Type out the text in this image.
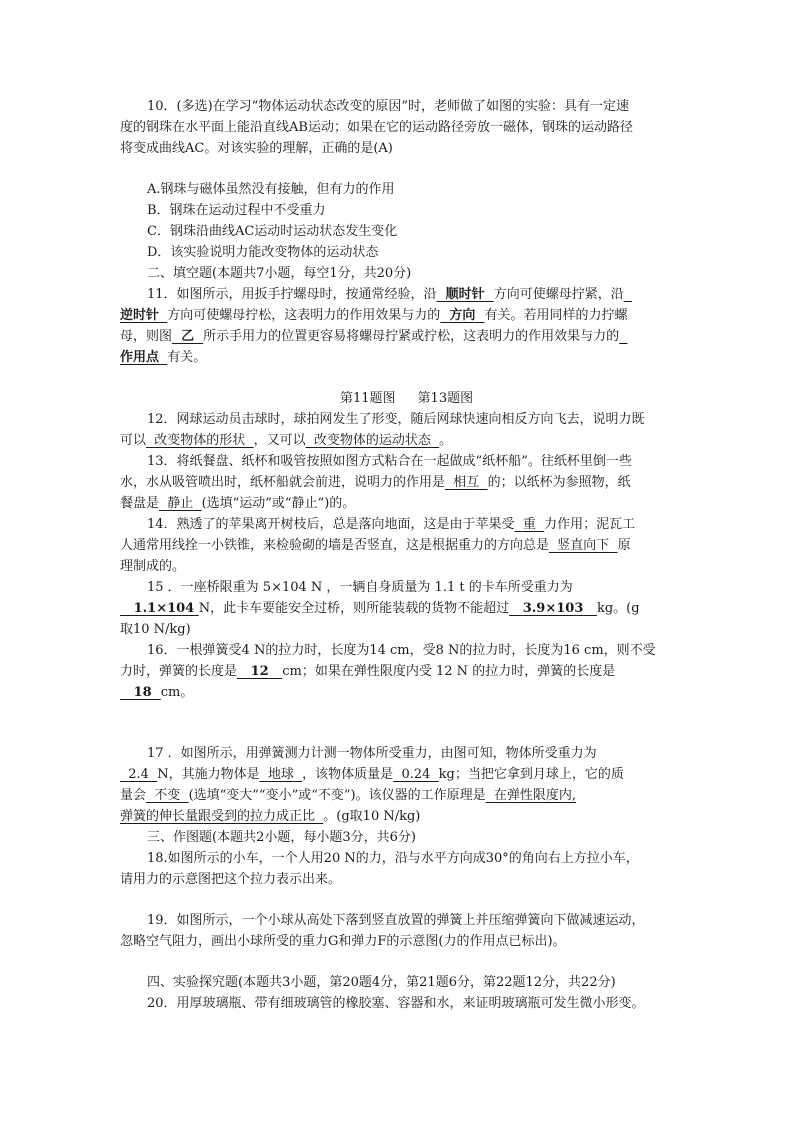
10．(多选)在学习“物体运动状态改变的原因”时，老师做了如图的实验：具有一定速
度的钢珠在水平面上能沿直线AB运动；如果在它的运动路径旁放一磁体，钢珠的运动路径
将变成曲线AC。对该实验的理解，正确的是(A)
A.钢珠与磁体虽然没有接触，但有力的作用
B．钢珠在运动过程中不受重力
C．钢珠沿曲线AC运动时运动状态发生变化
D．该实验说明力能改变物体的运动状态
二、填空题(本题共7小题，每空1分，共20分)
11．如图所示，用扳手拧螺母时，按通常经验，沿 顺时针 方向可使螺母拧紧，沿
逆时针 方向可使螺母拧松，这表明力的作用效果与力的 方向 有关。若用同样的力拧螺
母，则图 乙 所示手用力的位置更容易将螺母拧紧或拧松，这表明力的作用效果与力的
作用点 有关。
第11题图 第13题图
12．网球运动员击球时，球拍网发生了形变，随后网球快速向相反方向飞去，说明力既
可以 改变物体的形状 ，又可以 改变物体的运动状态 。
13．将纸餐盘、纸杯和吸管按照如图方式粘合在一起做成“纸杯船”。往纸杯里倒一些
水，水从吸管喷出时，纸杯船就会前进，说明力的作用是 相互 的；以纸杯为参照物，纸
餐盘是 静止 (选填“运动”或“静止”)的。
14．熟透了的苹果离开树枝后，总是落向地面，这是由于苹果受 重 力作用；泥瓦工
人通常用线拴一小铁锥，来检验砌的墙是否竖直，这是根据重力的方向总是 竖直向下 原
理制成的。
15 ．一座桥限重为 5×104 N ，一辆自身质量为 1.1 t 的卡车所受重力为
1.1×104 N，此卡车要能安全过桥，则所能装载的货物不能超过 3.9×103 kg。(g
取10 N/kg)
16．一根弹簧受4 N的拉力时，长度为14 cm，受8 N的拉力时，长度为16 cm，则不受
力时，弹簧的长度是 12 cm；如果在弹性限度内受 12 N 的拉力时，弹簧的长度是
18 cm。
17 ．如图所示，用弹簧测力计测一物体所受重力，由图可知，物体所受重力为
2.4 N，其施力物体是 地球 ，该物体质量是 0.24 kg；当把它拿到月球上，它的质
量会 不变 (选填“变大”“变小”或“不变”)。该仪器的工作原理是 在弹性限度内,
弹簧的伸长量跟受到的拉力成正比 。(g取10 N/kg)
三、作图题(本题共2小题，每小题3分，共6分)
18.如图所示的小车，一个人用20 N的力，沿与水平方向成30°的角向右上方拉小车，
请用力的示意图把这个拉力表示出来。
19．如图所示，一个小球从高处下落到竖直放置的弹簧上并压缩弹簧向下做减速运动，
忽略空气阻力，画出小球所受的重力G和弹力F的示意图(力的作用点已标出)。
四、实验探究题(本题共3小题，第20题4分，第21题6分，第22题12分，共22分)
20．用厚玻璃瓶、带有细玻璃管的橡胶塞、容器和水，来证明玻璃瓶可发生微小形变。
